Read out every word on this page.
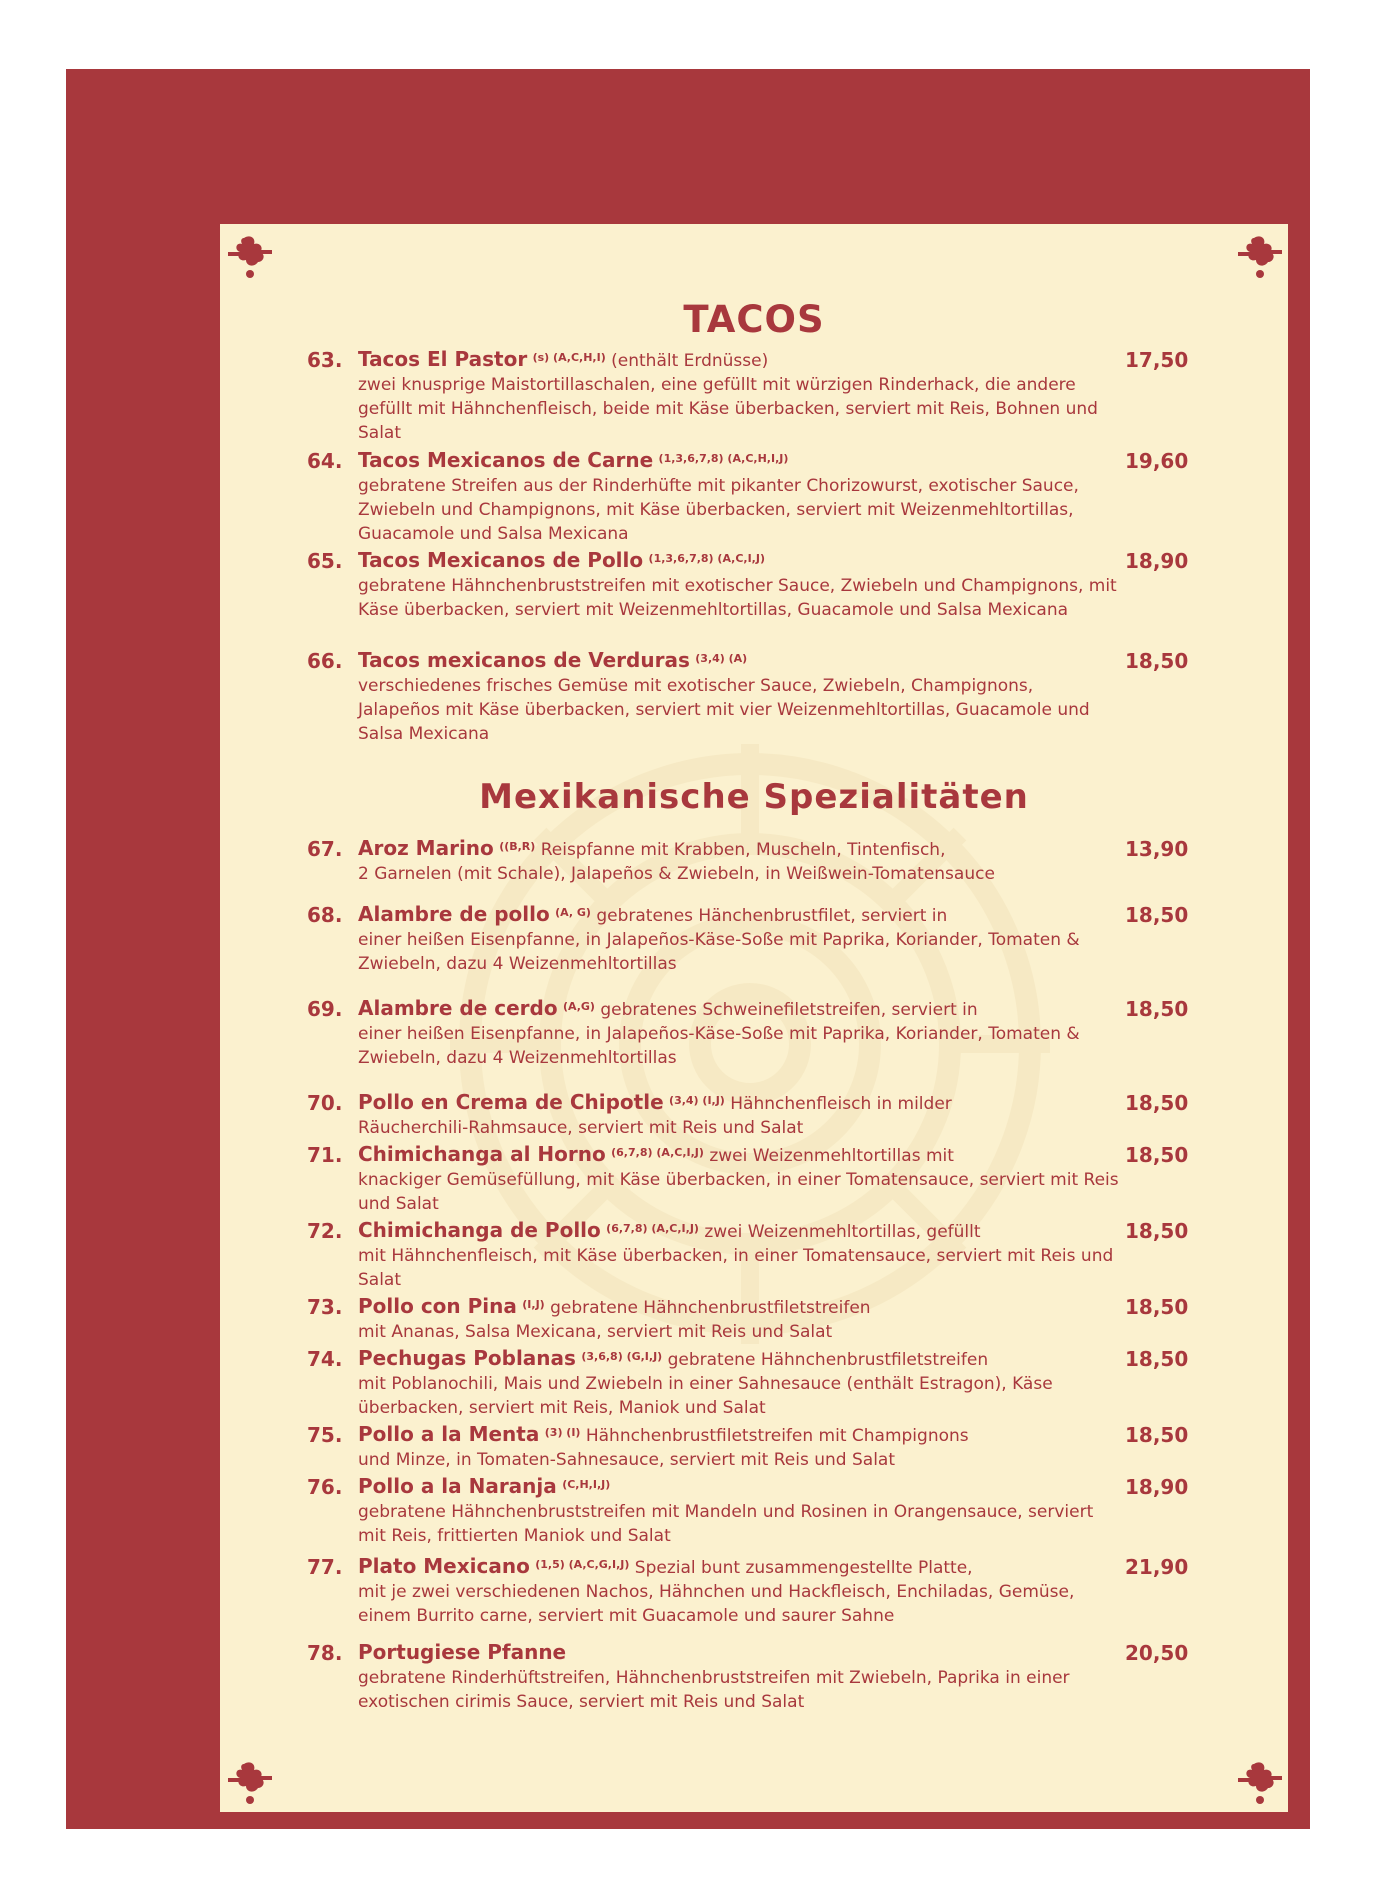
TACOS
Mexikanische Spezialitäten
63. Tacos El Pastor $^{(s) (A,C,H,I)}$ (enthält Erdnüsse)
zwei knusprige Maistortillaschalen, eine gefüllt mit würzigen Rinderhack, die andere gefüllt mit Hähnchenfleisch, beide mit Käse überbacken, serviert mit Reis, Bohnen und Salat
17,50
64. Tacos Mexicanos de Carne $^{(1,3,6,7,8) (A,C,H,I,J)}$
gebratene Streifen aus der Rinderhüfte mit pikanter Chorizowurst, exotischer Sauce, Zwiebeln und Champignons, mit Käse überbacken, serviert mit Weizenmehltortillas, Guacamole und Salsa Mexicana
19,60
65. Tacos Mexicanos de Pollo $^{(1,3,6,7,8) (A,C,I,J)}$
gebratene Hähnchenbruststreifen mit exotischer Sauce, Zwiebeln und Champignons, mit Käse überbacken, serviert mit Weizenmehltortillas, Guacamole und Salsa Mexicana
18,90
66. Tacos mexicanos de Verduras $^{(3,4) (A)}$
verschiedenes frisches Gemüse mit exotischer Sauce, Zwiebeln, Champignons, Jalapeños mit Käse überbacken, serviert mit vier Weizenmehltortillas, Guacamole und Salsa Mexicana
18,50
67. Aroz Marino $^{((B,R)}$ Reispfanne mit Krabben, Muscheln, Tintenfisch,
2 Garnelen (mit Schale), Jalapeños & Zwiebeln, in Weißwein-Tomatensauce
13,90
68. Alambre de pollo $^{(A, G)}$ gebratenes Hänchenbrustfilet, serviert in
einer heißen Eisenpfanne, in Jalapeños-Käse-Soße mit Paprika, Koriander, Tomaten & Zwiebeln, dazu 4 Weizenmehltortillas
18,50
69. Alambre de cerdo $^{(A,G)}$ gebratenes Schweinefiletstreifen, serviert in
einer heißen Eisenpfanne, in Jalapeños-Käse-Soße mit Paprika, Koriander, Tomaten & Zwiebeln, dazu 4 Weizenmehltortillas
18,50
70. Pollo en Crema de Chipotle $^{(3,4) (I,J)}$ Hähnchenfleisch in milder
Räucherchili-Rahmsauce, serviert mit Reis und Salat
18,50
71. Chimichanga al Horno $^{(6,7,8) (A,C,I,J)}$ zwei Weizenmehltortillas mit
knackiger Gemüsefüllung, mit Käse überbacken, in einer Tomatensauce, serviert mit Reis und Salat
18,50
72. Chimichanga de Pollo $^{(6,7,8) (A,C,I,J)}$ zwei Weizenmehltortillas, gefüllt
mit Hähnchenfleisch, mit Käse überbacken, in einer Tomatensauce, serviert mit Reis und Salat
18,50
73. Pollo con Pina $^{(I,J)}$ gebratene Hähnchenbrustfiletstreifen
mit Ananas, Salsa Mexicana, serviert mit Reis und Salat
18,50
74. Pechugas Poblanas $^{(3,6,8) (G,I,J)}$ gebratene Hähnchenbrustfiletstreifen
mit Poblanochili, Mais und Zwiebeln in einer Sahnesauce (enthält Estragon), Käse überbacken, serviert mit Reis, Maniok und Salat
18,50
75. Pollo a la Menta $^{(3) (I)}$ Hähnchenbrustfiletstreifen mit Champignons
und Minze, in Tomaten-Sahnesauce, serviert mit Reis und Salat
18,50
76. Pollo a la Naranja $^{(C,H,I,J)}$
gebratene Hähnchenbruststreifen mit Mandeln und Rosinen in Orangensauce, serviert mit Reis, frittierten Maniok und Salat
18,90
77. Plato Mexicano $^{(1,5) (A,C,G,I,J)}$ Spezial bunt zusammengestellte Platte,
mit je zwei verschiedenen Nachos, Hähnchen und Hackfleisch, Enchiladas, Gemüse, einem Burrito carne, serviert mit Guacamole und saurer Sahne
21,90
78. Portugiese Pfanne
gebratene Rinderhüftstreifen, Hähnchenbruststreifen mit Zwiebeln, Paprika in einer exotischen cirimis Sauce, serviert mit Reis und Salat
20,50
